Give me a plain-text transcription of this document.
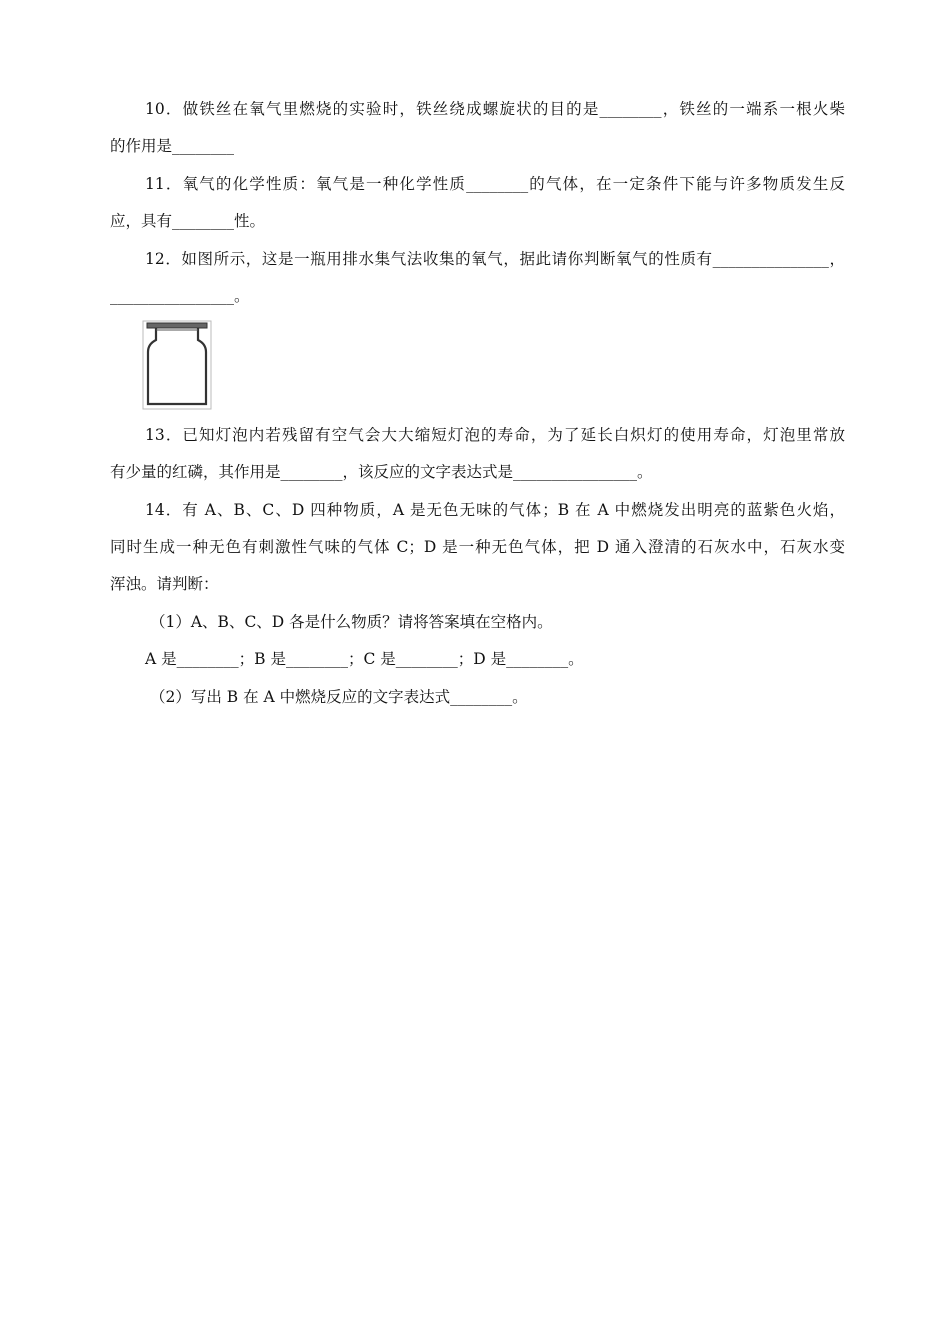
10．做铁丝在氧气里燃烧的实验时，铁丝绕成螺旋状的目的是________，铁丝的一端系一根火柴
的作用是________
11．氧气的化学性质：氧气是一种化学性质________的气体，在一定条件下能与许多物质发生反
应，具有________性。
12．如图所示，这是一瓶用排水集气法收集的氧气，据此请你判断氧气的性质有_______________，
________________。
13．已知灯泡内若残留有空气会大大缩短灯泡的寿命，为了延长白炽灯的使用寿命，灯泡里常放
有少量的红磷，其作用是________，该反应的文字表达式是________________。
14．有 A、B、C、D 四种物质，A 是无色无味的气体；B 在 A 中燃烧发出明亮的蓝紫色火焰，
同时生成一种无色有刺激性气味的气体 C；D 是一种无色气体，把 D 通入澄清的石灰水中，石灰水变
浑浊。请判断：
（1）A、B、C、D 各是什么物质？请将答案填在空格内。
A 是________；B 是________；C 是________；D 是________。
（2）写出 B 在 A 中燃烧反应的文字表达式________。
